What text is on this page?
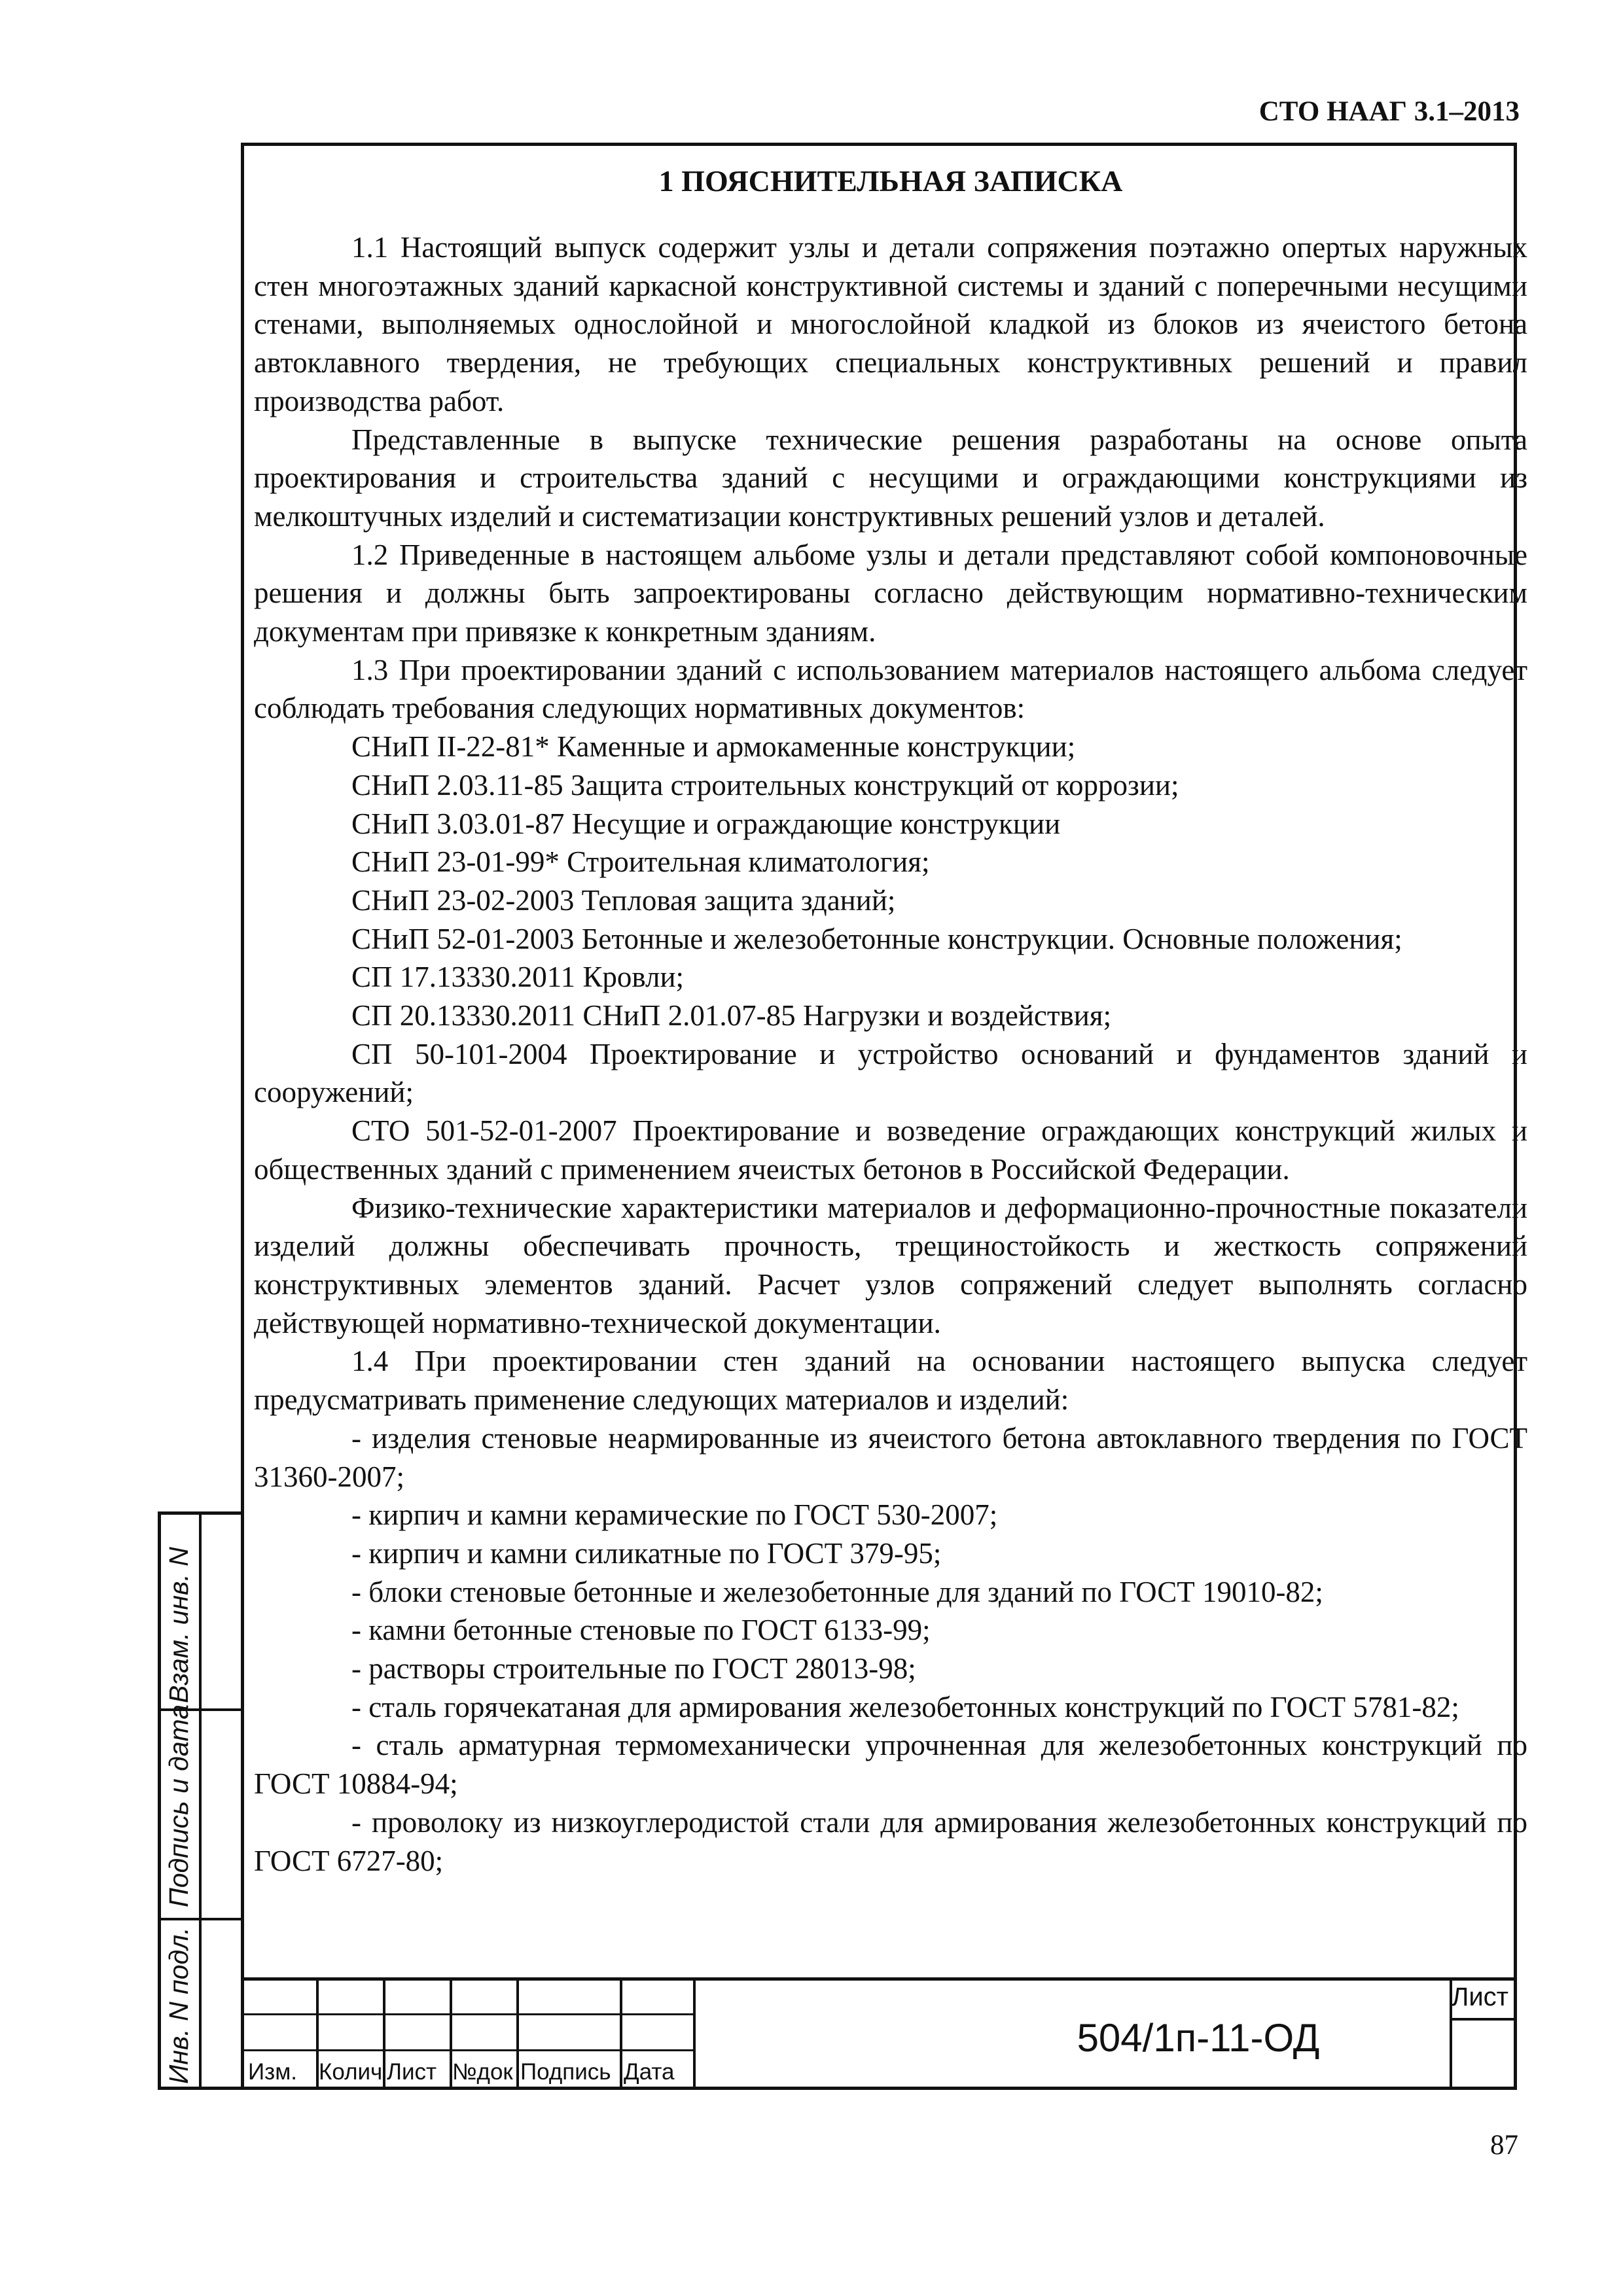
СТО НААГ 3.1–2013
1 ПОЯСНИТЕЛЬНАЯ ЗАПИСКА

1.1 Настоящий выпуск содержит узлы и детали сопряжения поэтажно опертых наружных стен многоэтажных зданий каркасной конструктивной системы и зданий с поперечными несущими стенами, выполняемых однослойной и многослойной кладкой из блоков из ячеистого бетона автоклавного твердения, не требующих специальных конструктивных решений и правил производства работ.

Представленные в выпуске технические решения разработаны на основе опыта проектирования и строительства зданий с несущими и ограждающими конструкциями из мелкоштучных изделий и систематизации конструктивных решений узлов и деталей.

1.2 Приведенные в настоящем альбоме узлы и детали представляют собой компоновочные решения и должны быть запроектированы согласно действующим нормативно-техническим документам при привязке к конкретным зданиям.

1.3 При проектировании зданий с использованием материалов настоящего альбома следует соблюдать требования следующих нормативных документов:

СНиП II-22-81* Каменные и армокаменные конструкции;

СНиП 2.03.11-85 Защита строительных конструкций от коррозии;

СНиП 3.03.01-87 Несущие и ограждающие конструкции

СНиП 23-01-99* Строительная климатология;

СНиП 23-02-2003 Тепловая защита зданий;

СНиП 52-01-2003 Бетонные и железобетонные конструкции. Основные положения;

СП 17.13330.2011 Кровли;

СП 20.13330.2011 СНиП 2.01.07-85 Нагрузки и воздействия;

СП 50-101-2004 Проектирование и устройство оснований и фундаментов зданий и сооружений;

СТО 501-52-01-2007 Проектирование и возведение ограждающих конструкций жилых и общественных зданий с применением ячеистых бетонов в Российской Федерации.

Физико-технические характеристики материалов и деформационно-прочностные показатели изделий должны обеспечивать прочность, трещиностойкость и жесткость сопряжений конструктивных элементов зданий. Расчет узлов сопряжений следует выполнять согласно действующей нормативно-технической документации.

1.4 При проектировании стен зданий на основании настоящего выпуска следует предусматривать применение следующих материалов и изделий:

- изделия стеновые неармированные из ячеистого бетона автоклавного твердения по ГОСТ 31360-2007;

- кирпич и камни керамические по ГОСТ 530-2007;

- кирпич и камни силикатные по ГОСТ 379-95;

- блоки стеновые бетонные и железобетонные для зданий по ГОСТ 19010-82;

- камни бетонные стеновые по ГОСТ 6133-99;

- растворы строительные по ГОСТ 28013-98;

- сталь горячекатаная для армирования железобетонных конструкций по ГОСТ 5781-82;

- сталь арматурная термомеханически упрочненная для железобетонных конструкций по ГОСТ 10884-94;

- проволоку из низкоуглеродистой стали для армирования железобетонных конструкций по ГОСТ 6727-80;

Взам. инв. N
Подпись и дата
Инв. N подл. Изм. Колич Лист №док Подпись Дата
504/1п-11-ОД
Лист
87
